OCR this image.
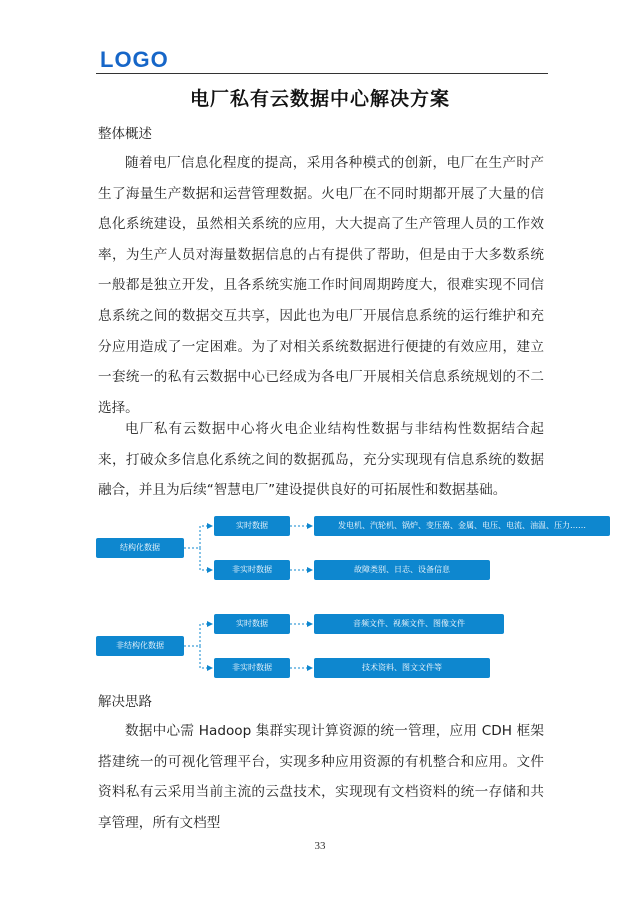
LOGO
电厂私有云数据中心解决方案
整体概述

随着电厂信息化程度的提高，采用各种模式的创新，电厂在生产时产生了海量生产数据和运营管理数据。火电厂在不同时期都开展了大量的信息化系统建设，虽然相关系统的应用，大大提高了生产管理人员的工作效率，为生产人员对海量数据信息的占有提供了帮助，但是由于大多数系统一般都是独立开发，且各系统实施工作时间周期跨度大，很难实现不同信息系统之间的数据交互共享，因此也为电厂开展信息系统的运行维护和充分应用造成了一定困难。为了对相关系统数据进行便捷的有效应用，建立一套统一的私有云数据中心已经成为各电厂开展相关信息系统规划的不二选择。

电厂私有云数据中心将火电企业结构性数据与非结构性数据结合起来，打破众多信息化系统之间的数据孤岛，充分实现现有信息系统的数据融合，并且为后续“智慧电厂”建设提供良好的可拓展性和数据基础。

结构化数据
实时数据
非实时数据
发电机、汽轮机、锅炉、变压器、金属、电压、电流、油温、压力……
故障类别、日志、设备信息
非结构化数据
实时数据
非实时数据
音频文件、视频文件、图像文件
技术资料、图文文件等
解决思路

数据中心需 Hadoop 集群实现计算资源的统一管理，应用 CDH 框架搭建统一的可视化管理平台，实现多种应用资源的有机整合和应用。文件资料私有云采用当前主流的云盘技术，实现现有文档资料的统一存储和共享管理，所有文档型

33
